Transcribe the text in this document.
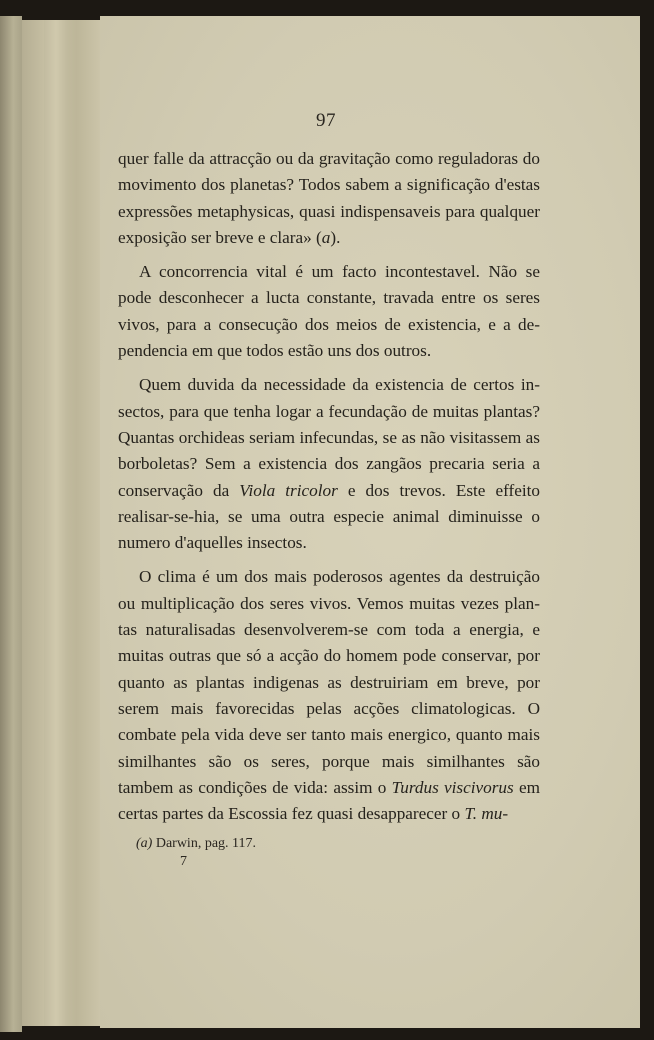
97

quer falle da attracção ou da gravitação como reguladoras do movimento dos planetas? Todos sabem a significação d'estas expressões metaphysicas, quasi indispensaveis para qualquer exposição ser breve e clara» (a).

A concorrencia vital é um facto incontestavel. Não se pode desconhecer a lucta constante, travada entre os seres vivos, para a consecução dos meios de existencia, e a dependencia em que todos estão uns dos outros.

Quem duvida da necessidade da existencia de certos insectos, para que tenha logar a fecundação de muitas plantas? Quantas orchideas seriam infecundas, se as não visitassem as borboletas? Sem a existencia dos zangãos precaria seria a conservação da Viola tricolor e dos trevos. Este effeito realisar-se-hia, se uma outra especie animal diminuisse o numero d'aquelles insectos.

O clima é um dos mais poderosos agentes da destruição ou multiplicação dos seres vivos. Vemos muitas vezes plantas naturalisadas desenvolverem-se com toda a energia, e muitas outras que só a acção do homem pode conservar, por quanto as plantas indigenas as destruiriam em breve, por serem mais favorecidas pelas acções climatologicas. O combate pela vida deve ser tanto mais energico, quanto mais similhantes são os seres, porque mais similhantes são tambem as condições de vida: assim o Turdus viscivorus em certas partes da Escossia fez quasi desapparecer o T. mu-

(a) Darwin, pag. 117.
7
